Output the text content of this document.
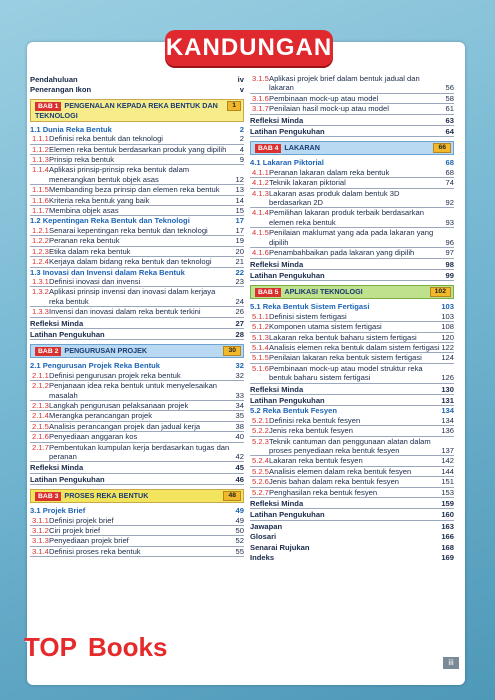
KANDUNGAN
Pendahuluan	iv
Penerangan Ikon	v
BAB 1 PENGENALAN KEPADA REKA BENTUK DAN TEKNOLOGI
1
1.1 Dunia Reka Bentuk	2
1.1.1 Definisi reka bentuk dan teknologi	2
1.1.2 Elemen reka bentuk berdasarkan produk yang dipilih 4
1.1.3 Prinsip reka bentuk	9
1.1.4 Aplikasi prinsip-prinsip reka bentuk dalam menerangkan bentuk objek asas	12
1.1.5 Membanding beza prinsip dan elemen reka bentuk 13
1.1.6 Kriteria reka bentuk yang baik	14
1.1.7 Membina objek asas	15
1.2 Kepentingan Reka Bentuk dan Teknologi	17
1.2.1 Senarai kepentingan reka bentuk dan teknologi	17
1.2.2 Peranan reka bentuk	19
1.2.3 Etika dalam reka bentuk	20
1.2.4 Kerjaya dalam bidang reka bentuk dan teknologi	21
1.3 Inovasi dan Invensi dalam Reka Bentuk	22
1.3.1 Definisi inovasi dan invensi	23
1.3.2 Aplikasi prinsip invensi dan inovasi dalam kerjaya reka bentuk	24
1.3.3 Invensi dan inovasi dalam reka bentuk terkini	26
Refleksi Minda	27
Latihan Pengukuhan	28
BAB 2 PENGURUSAN PROJEK	30
2.1 Pengurusan Projek Reka Bentuk	32
2.1.1 Definisi pengurusan projek reka bentuk	32
2.1.2 Penjanaan idea reka bentuk untuk menyelesaikan masalah	33
2.1.3 Langkah pengurusan pelaksanaan projek	34
2.1.4 Merangka perancangan projek	35
2.1.5 Analisis perancangan projek dan jadual kerja	38
2.1.6 Penyediaan anggaran kos	40
2.1.7 Pembentukan kumpulan kerja berdasarkan tugas dan peranan	42
Refleksi Minda	45
Latihan Pengukuhan	46
BAB 3 PROSES REKA BENTUK	48
3.1 Projek Brief	49
3.1.1 Definisi projek brief	49
3.1.2 Ciri projek brief	50
3.1.3 Penyediaan projek brief	52
3.1.4 Definisi proses reka bentuk	55
3.1.5 Aplikasi projek brief dalam bentuk jadual dan lakaran	56
3.1.6 Pembinaan mock-up atau model	58
3.1.7 Penilaian hasil mock-up atau model	61
Refleksi Minda	63
Latihan Pengukuhan	64
BAB 4 LAKARAN	66
4.1 Lakaran Piktorial	68
4.1.1 Peranan lakaran dalam reka bentuk	68
4.1.2 Teknik lakaran piktorial	74
4.1.3 Lakaran asas produk dalam bentuk 3D berdasarkan 2D	92
4.1.4 Pemilihan lakaran produk terbaik berdasarkan elemen reka bentuk	93
4.1.5 Penilaian maklumat yang ada pada lakaran yang dipilih	96
4.1.6 Penambahbaikan pada lakaran yang dipilih	97
Refleksi Minda	98
Latihan Pengukuhan	99
BAB 5 APLIKASI TEKNOLOGI	102
5.1 Reka Bentuk Sistem Fertigasi	103
5.1.1 Definisi sistem fertigasi	103
5.1.2 Komponen utama sistem fertigasi	108
5.1.3 Lakaran reka bentuk baharu sistem fertigasi	120
5.1.4 Analisis elemen reka bentuk dalam sistem fertigasi 122
5.1.5 Penilaian lakaran reka bentuk sistem fertigasi	124
5.1.6 Pembinaan mock-up atau model struktur reka bentuk baharu sistem fertigasi	126
Refleksi Minda	130
Latihan Pengukuhan	131
5.2 Reka Bentuk Fesyen	134
5.2.1 Definisi reka bentuk fesyen	134
5.2.2 Jenis reka bentuk fesyen	136
5.2.3 Teknik cantuman dan penggunaan alatan dalam proses penyediaan reka bentuk fesyen	137
5.2.4 Lakaran reka bentuk fesyen	142
5.2.5 Analisis elemen dalam reka bentuk fesyen	144
5.2.6 Jenis bahan dalam reka bentuk fesyen	151
5.2.7 Penghasilan reka bentuk fesyen	153
Refleksi Minda	159
Latihan Pengukuhan	160
Jawapan	163
Glosari	166
Senarai Rujukan	168
Indeks	169
TOP Books
iii
